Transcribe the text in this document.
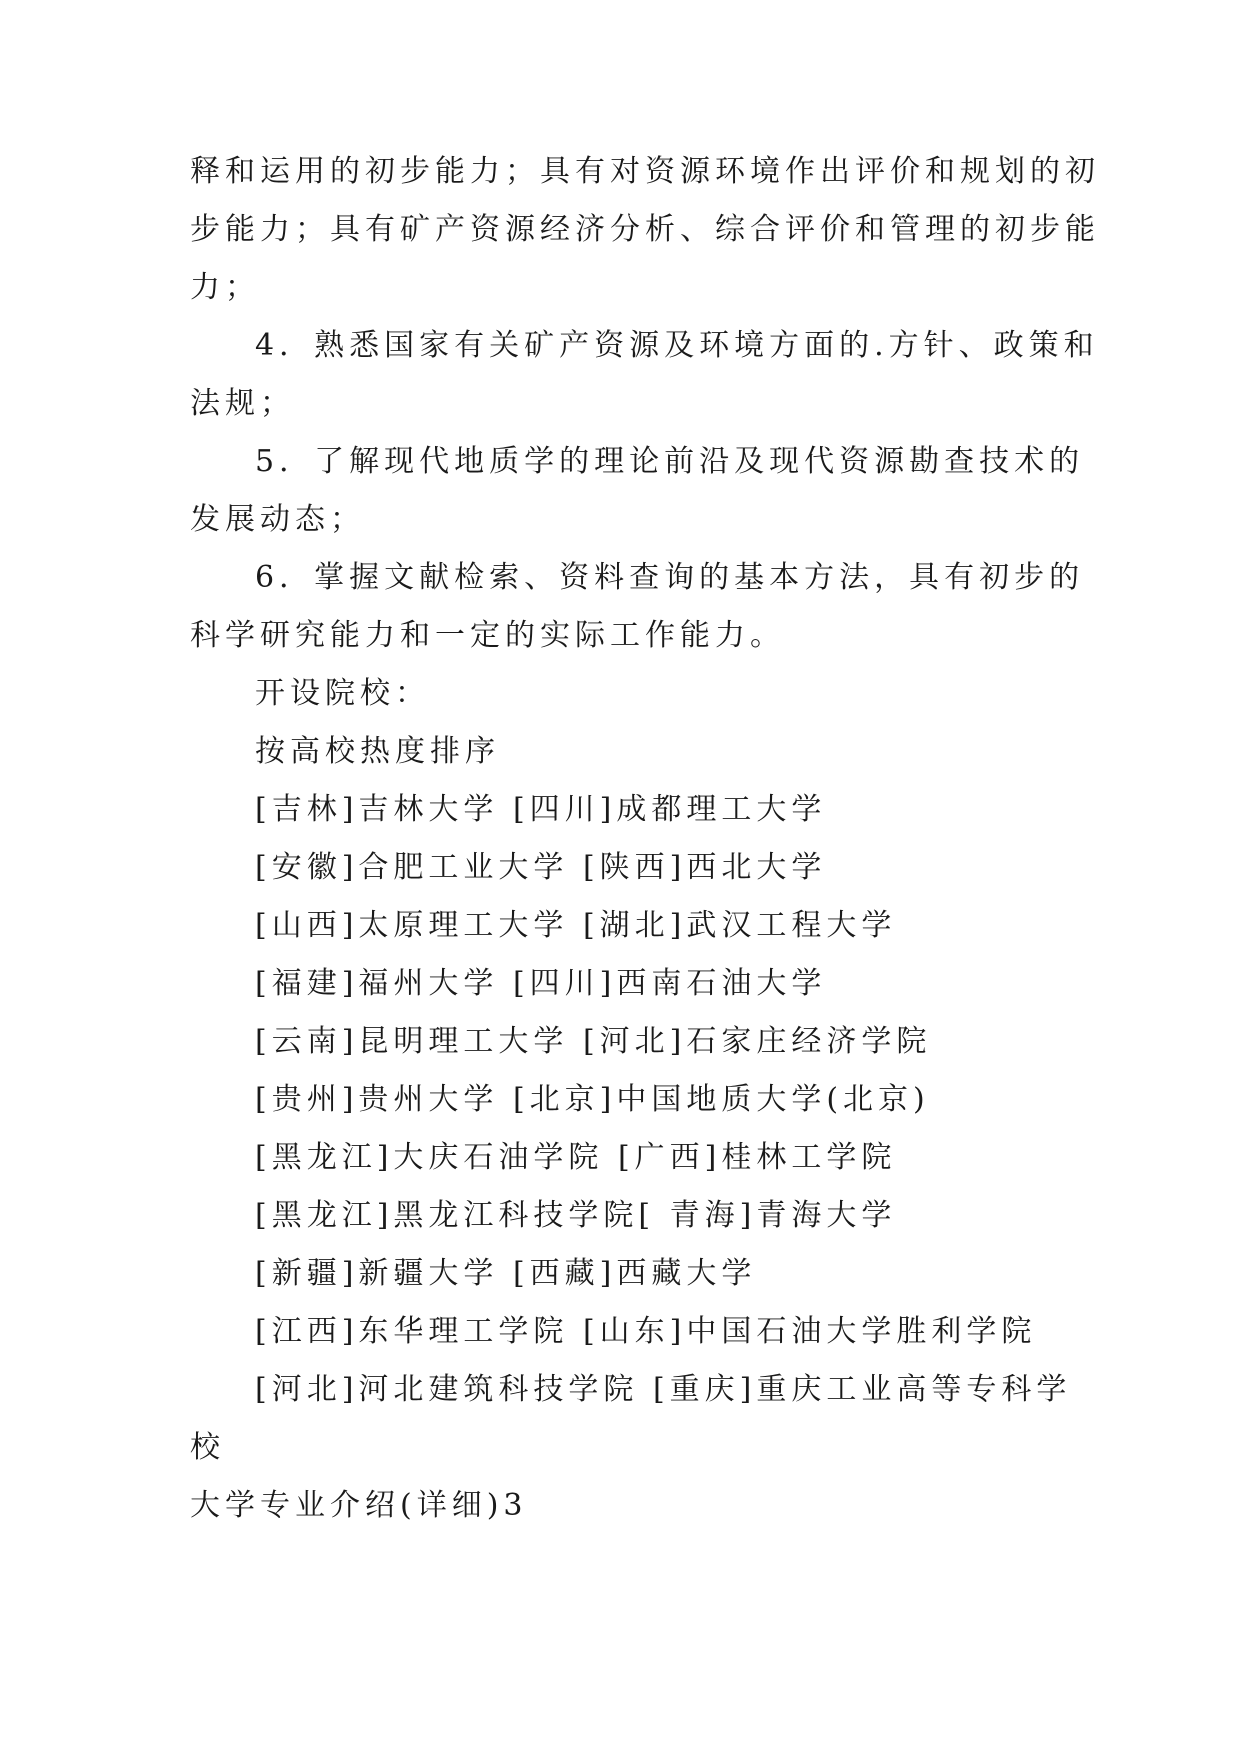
释和运用的初步能力；具有对资源环境作出评价和规划的初

步能力；具有矿产资源经济分析、综合评价和管理的初步能

力；

4．熟悉国家有关矿产资源及环境方面的.方针、政策和

法规；

5．了解现代地质学的理论前沿及现代资源勘查技术的

发展动态；

6．掌握文献检索、资料查询的基本方法，具有初步的

科学研究能力和一定的实际工作能力。

开设院校：

按高校热度排序

[吉林]吉林大学 [四川]成都理工大学

[安徽]合肥工业大学 [陕西]西北大学

[山西]太原理工大学 [湖北]武汉工程大学

[福建]福州大学 [四川]西南石油大学

[云南]昆明理工大学 [河北]石家庄经济学院

[贵州]贵州大学 [北京]中国地质大学(北京)

[黑龙江]大庆石油学院 [广西]桂林工学院

[黑龙江]黑龙江科技学院[ 青海]青海大学

[新疆]新疆大学 [西藏]西藏大学

[江西]东华理工学院 [山东]中国石油大学胜利学院

[河北]河北建筑科技学院 [重庆]重庆工业高等专科学

校

大学专业介绍(详细)3
